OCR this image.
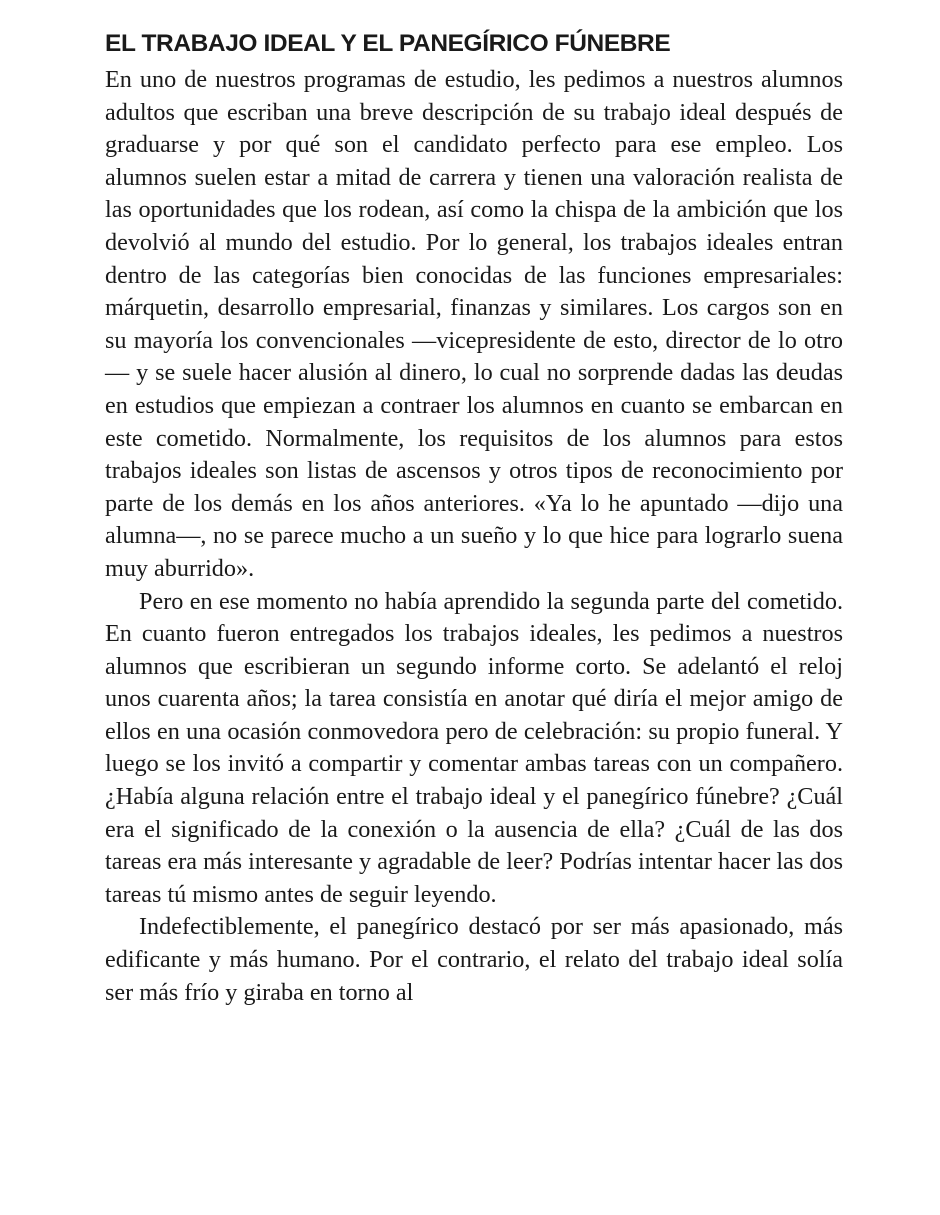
EL TRABAJO IDEAL Y EL PANEGÍRICO FÚNEBRE

En uno de nuestros programas de estudio, les pedimos a nuestros alumnos adultos que escriban una breve descripción de su trabajo ideal después de graduarse y por qué son el candidato perfecto para ese empleo. Los alumnos suelen estar a mitad de carrera y tienen una valoración realista de las oportunidades que los rodean, así como la chispa de la ambición que los devolvió al mundo del estudio. Por lo general, los trabajos ideales entran dentro de las categorías bien conocidas de las funciones empresariales: márquetin, desarrollo empresarial, finanzas y similares. Los cargos son en su mayoría los convencionales —vicepresidente de esto, director de lo otro— y se suele hacer alusión al dinero, lo cual no sorprende dadas las deudas en estudios que empiezan a contraer los alumnos en cuanto se embarcan en este cometido. Normalmente, los requisitos de los alumnos para estos trabajos ideales son listas de ascensos y otros tipos de reconocimiento por parte de los demás en los años anteriores. «Ya lo he apuntado —dijo una alumna—, no se parece mucho a un sueño y lo que hice para lograrlo suena muy aburrido».

Pero en ese momento no había aprendido la segunda parte del cometido. En cuanto fueron entregados los trabajos ideales, les pedimos a nuestros alumnos que escribieran un segundo informe corto. Se adelantó el reloj unos cuarenta años; la tarea consistía en anotar qué diría el mejor amigo de ellos en una ocasión conmovedora pero de celebración: su propio funeral. Y luego se los invitó a compartir y comentar ambas tareas con un compañero. ¿Había alguna relación entre el trabajo ideal y el panegírico fúnebre? ¿Cuál era el significado de la conexión o la ausencia de ella? ¿Cuál de las dos tareas era más interesante y agradable de leer? Podrías intentar hacer las dos tareas tú mismo antes de seguir leyendo.

Indefectiblemente, el panegírico destacó por ser más apasionado, más edificante y más humano. Por el contrario, el relato del trabajo ideal solía ser más frío y giraba en torno al
